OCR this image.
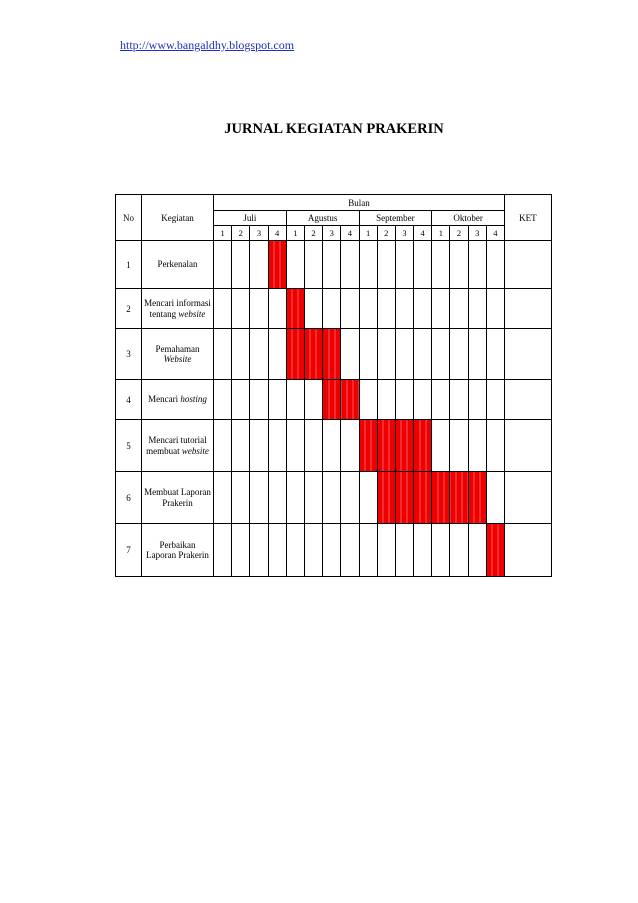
http://www.bangaldhy.blogspot.com
JURNAL KEGIATAN PRAKERIN
No	Kegiatan	Bulan																KET
		Juli				Agustus				September				Oktober				
		1	2	3	4	1	2	3	4	1	2	3	4	1	2	3	4	
1	Perkenalan																	
2	Mencari informasi tentang website																	
3	Pemahaman Website																	
4	Mencari hosting																	
5	Mencari tutorial membuat website																	
6	Membuat Laporan Prakerin																	
7	Perbaikan Laporan Prakerin																	
